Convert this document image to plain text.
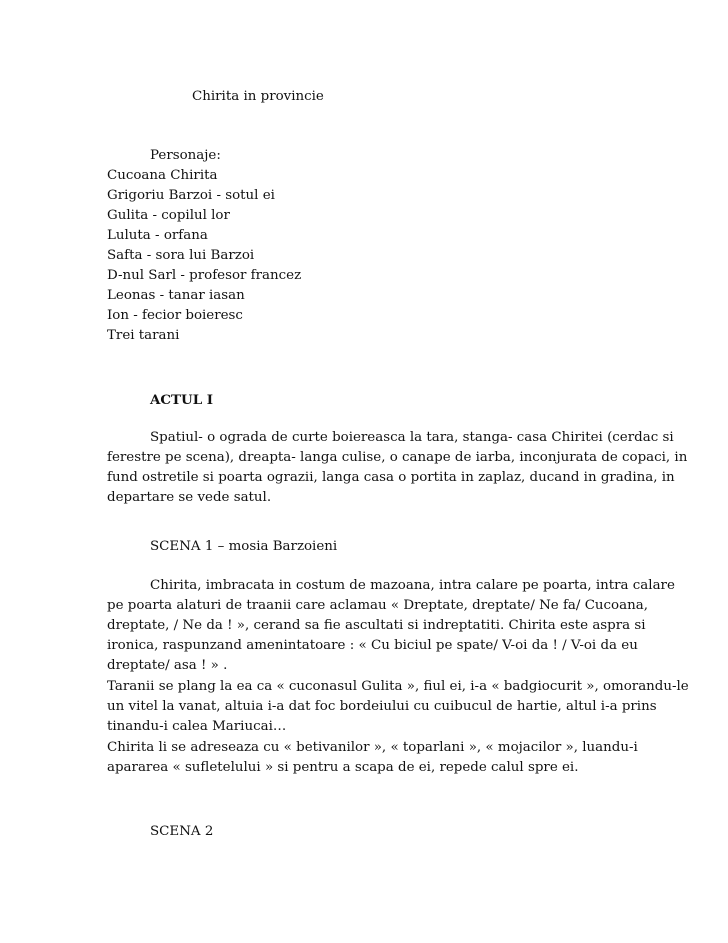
Chirita in provincie
Personaje:
Cucoana Chirita
Grigoriu Barzoi - sotul ei
Gulita - copilul lor
Luluta - orfana
Safta - sora lui Barzoi
D-nul Sarl - profesor francez
Leonas - tanar iasan
Ion - fecior boieresc
Trei tarani
ACTUL I
Spatiul- o ograda de curte boiereasca la tara, stanga- casa Chiritei (cerdac si
ferestre pe scena), dreapta- langa culise, o canape de iarba, inconjurata de copaci, in
fund ostretile si poarta ograzii, langa casa o portita in zaplaz, ducand in gradina, in
departare se vede satul.
SCENA 1 – mosia Barzoieni
Chirita, imbracata in costum de mazoana, intra calare pe poarta, intra calare
pe poarta alaturi de traanii care aclamau « Dreptate, dreptate/ Ne fa/ Cucoana,
dreptate, / Ne da ! », cerand sa fie ascultati si indreptatiti. Chirita este aspra si
ironica, raspunzand amenintatoare : « Cu biciul pe spate/ V-oi da ! / V-oi da eu
dreptate/ asa ! » .
Taranii se plang la ea ca « cuconasul Gulita », fiul ei, i-a « badgiocurit », omorandu-le
un vitel la vanat, altuia i-a dat foc bordeiului cu cuibucul de hartie, altul i-a prins
tinandu-i calea Mariucai…
Chirita li se adreseaza cu « betivanilor », « toparlani », « mojacilor », luandu-i
apararea « sufletelului » si pentru a scapa de ei, repede calul spre ei.
SCENA 2
